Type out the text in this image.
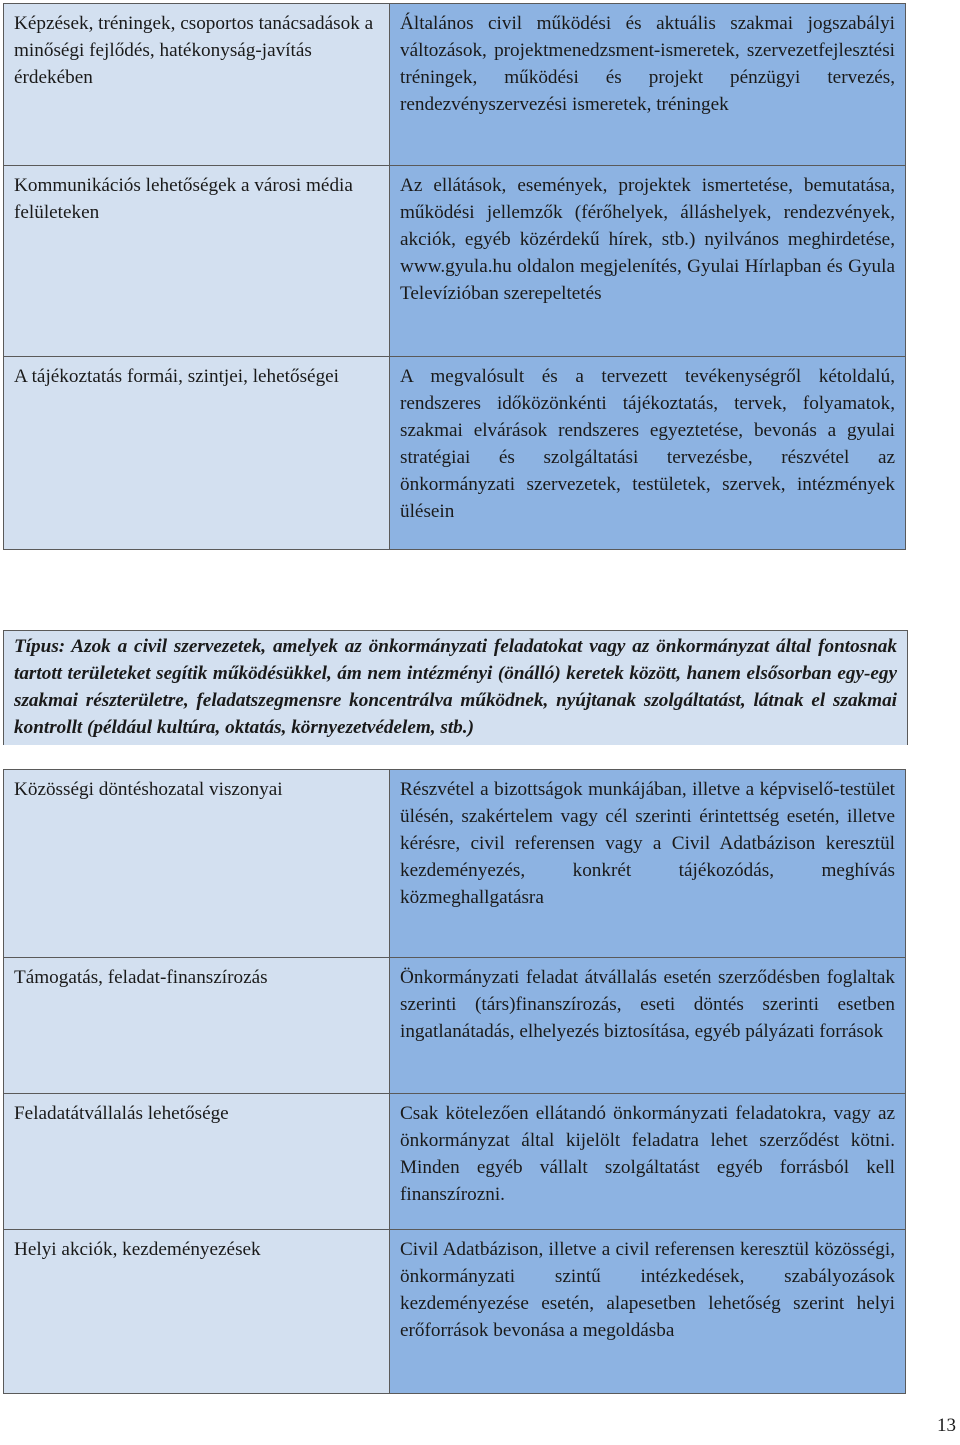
Képzések, tréningek, csoportos tanácsadások a minőségi fejlődés, hatékonyság-javítás érdekében	Általános civil működési és aktuális szakmai jogszabályi változások, projektmenedzsment-ismeretek, szervezetfejlesztési tréningek, működési és projekt pénzügyi tervezés, rendezvényszervezési ismeretek, tréningek
Kommunikációs lehetőségek a városi média felületeken	Az ellátások, események, projektek ismertetése, bemutatása, működési jellemzők (férőhelyek, álláshelyek, rendezvények, akciók, egyéb közérdekű hírek, stb.) nyilvános meghirdetése, www.gyula.hu oldalon megjelenítés, Gyulai Hírlapban és Gyula Televízióban szerepeltetés
A tájékoztatás formái, szintjei, lehetőségei	A megvalósult és a tervezett tevékenységről kétoldalú, rendszeres időközönkénti tájékoztatás, tervek, folyamatok, szakmai elvárások rendszeres egyeztetése, bevonás a gyulai stratégiai és szolgáltatási tervezésbe, részvétel az önkormányzati szervezetek, testületek, szervek, intézmények ülésein
Típus: Azok a civil szervezetek, amelyek az önkormányzati feladatokat vagy az önkormányzat által fontosnak tartott területeket segítik működésükkel, ám nem intézményi (önálló) keretek között, hanem elsősorban egy-egy szakmai részterületre, feladatszegmensre koncentrálva működnek, nyújtanak szolgáltatást, látnak el szakmai kontrollt (például kultúra, oktatás, környezetvédelem, stb.)
Közösségi döntéshozatal viszonyai	Részvétel a bizottságok munkájában, illetve a képviselő-testület ülésén, szakértelem vagy cél szerinti érintettség esetén, illetve kérésre, civil referensen vagy a Civil Adatbázison keresztül kezdeményezés, konkrét tájékozódás, meghívás közmeghallgatásra
Támogatás, feladat-finanszírozás	Önkormányzati feladat átvállalás esetén szerződésben foglaltak szerinti (társ)finanszírozás, eseti döntés szerinti esetben ingatlanátadás, elhelyezés biztosítása, egyéb pályázati források
Feladatátvállalás lehetősége	Csak kötelezően ellátandó önkormányzati feladatokra, vagy az önkormányzat által kijelölt feladatra lehet szerződést kötni. Minden egyéb vállalt szolgáltatást egyéb forrásból kell finanszírozni.
Helyi akciók, kezdeményezések	Civil Adatbázison, illetve a civil referensen keresztül közösségi, önkormányzati szintű intézkedések, szabályozások kezdeményezése esetén, alapesetben lehetőség szerint helyi erőforrások bevonása a megoldásba
13
